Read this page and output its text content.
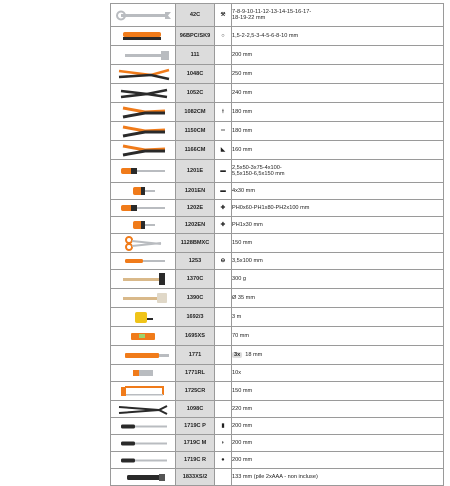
	42C	⚒	7-8-9-10-11-12-13-14-15-16-17-
18-19-22 mm

	96BPC/SK9	○	1,5-2-2,5-3-4-5-6-8-10 mm

	111		200 mm

	1048C		250 mm

	1052C		240 mm

	1082CM	⟊	180 mm

	1150CM	═	180 mm

	1166CM	◣	160 mm

	1201E	▬	2,5x50-3x75-4x100-
5,5x150-6,5x150 mm

	1201EN	▬	4x30 mm

	1202E	✚	PH0x60-PH1x80-PH2x100 mm

	1202EN	✚	PH1x30 mm

	1128BMXC		150 mm

	1253	⊖	3,5x100 mm

	1370C		300 g

	1390C		Ø 35 mm

	1692/3		3 m

	1695XS		70 mm

	1771		3x 18 mm

	1771RL		10x

	1725CR		150 mm

	1098C		220 mm

	1719C P	▮	200 mm

	1719C M	◗	200 mm

	1719C R	●	200 mm

	1833XS/2		133 mm (pile 2xAAA - non incluse)
